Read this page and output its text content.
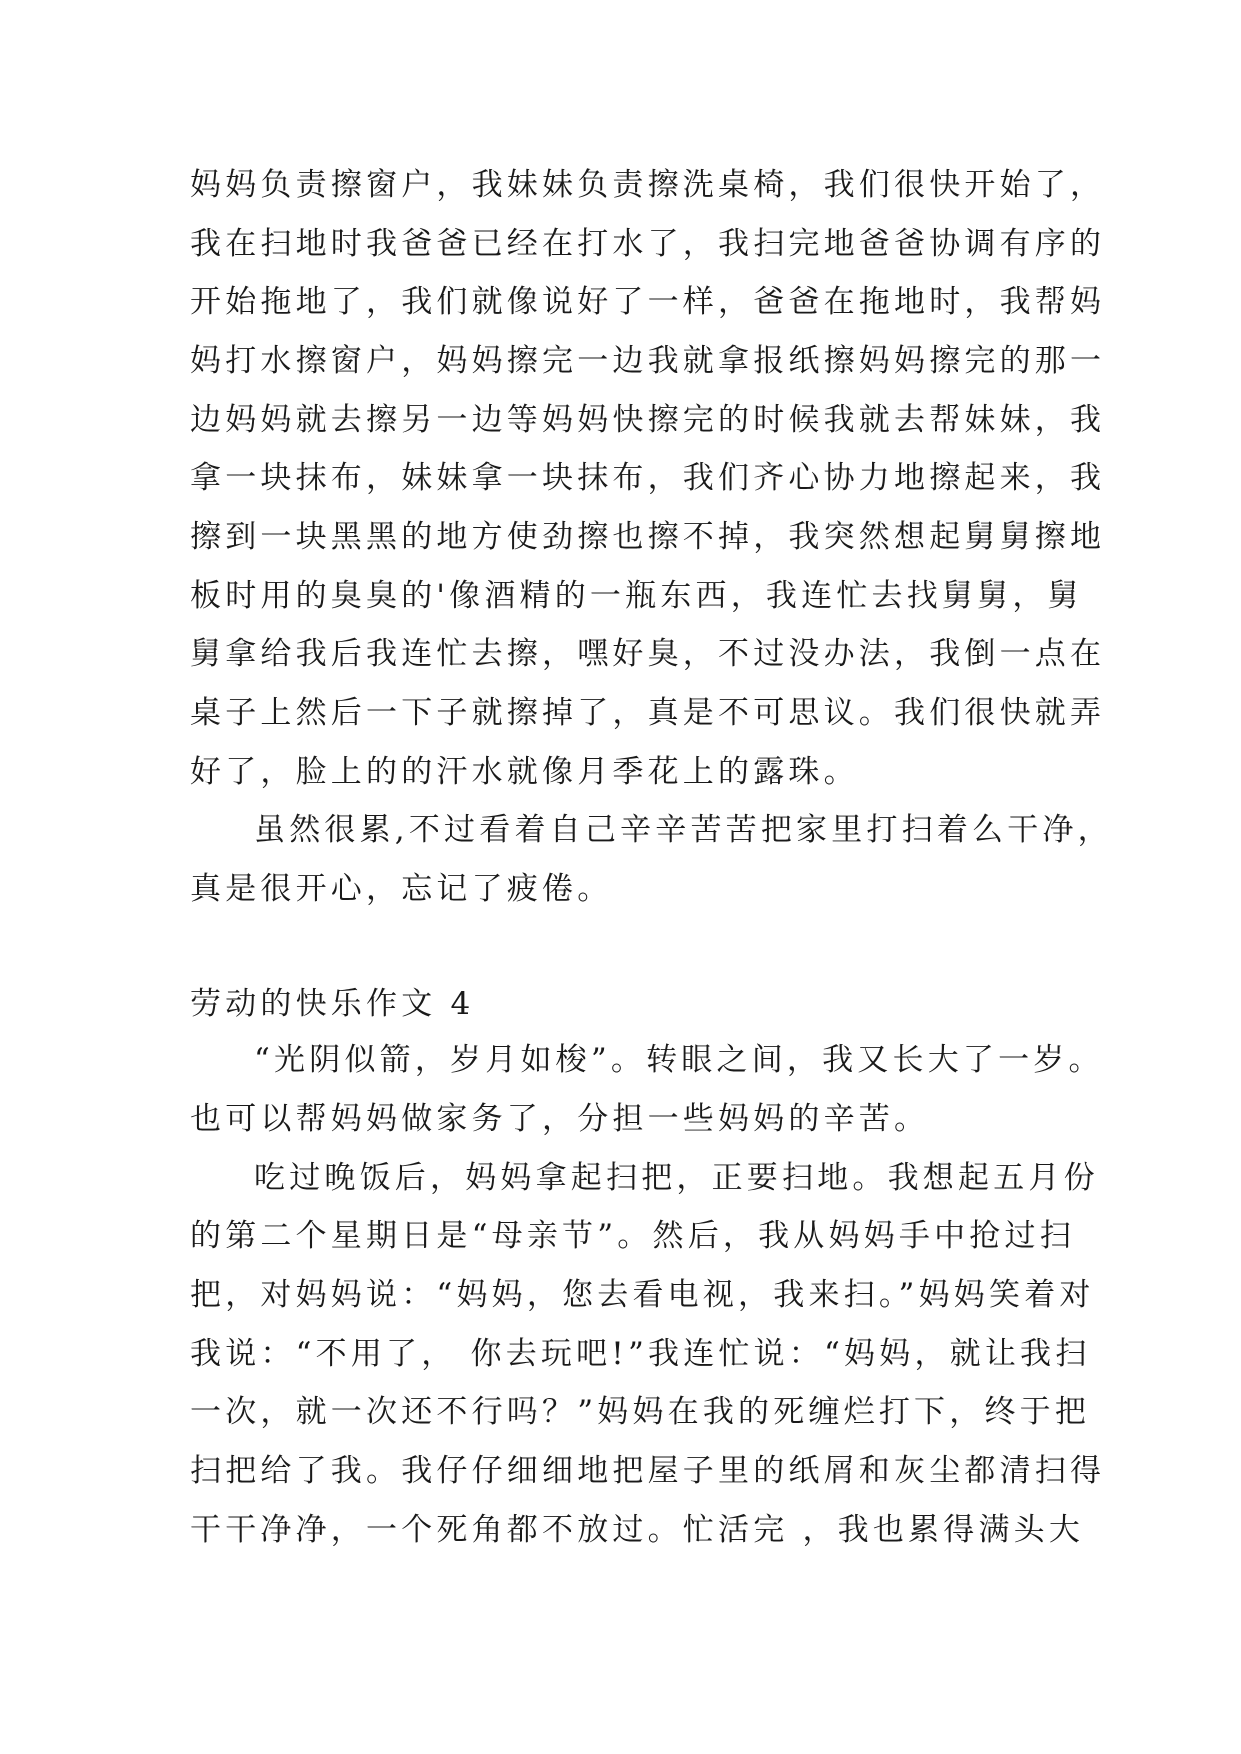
妈妈负责擦窗户，我妹妹负责擦洗桌椅，我们很快开始了，
我在扫地时我爸爸已经在打水了，我扫完地爸爸协调有序的
开始拖地了，我们就像说好了一样，爸爸在拖地时，我帮妈
妈打水擦窗户，妈妈擦完一边我就拿报纸擦妈妈擦完的那一
边妈妈就去擦另一边等妈妈快擦完的时候我就去帮妹妹，我
拿一块抹布，妹妹拿一块抹布，我们齐心协力地擦起来，我
擦到一块黑黑的地方使劲擦也擦不掉，我突然想起舅舅擦地
板时用的臭臭的'像酒精的一瓶东西，我连忙去找舅舅，舅
舅拿给我后我连忙去擦，嘿好臭，不过没办法，我倒一点在
桌子上然后一下子就擦掉了，真是不可思议。我们很快就弄
好了，脸上的的汗水就像月季花上的露珠。
虽然很累,不过看着自己辛辛苦苦把家里打扫着么干净，
真是很开心，忘记了疲倦。
劳动的快乐作文 4
“光阴似箭，岁月如梭”。转眼之间，我又长大了一岁。
也可以帮妈妈做家务了，分担一些妈妈的辛苦。
吃过晚饭后，妈妈拿起扫把，正要扫地。我想起五月份
的第二个星期日是“母亲节”。然后，我从妈妈手中抢过扫
把，对妈妈说：“妈妈，您去看电视，我来扫。”妈妈笑着对
我说：“不用了， 你去玩吧!”我连忙说：“妈妈，就让我扫
一次，就一次还不行吗？”妈妈在我的死缠烂打下，终于把
扫把给了我。我仔仔细细地把屋子里的纸屑和灰尘都清扫得
干干净净，一个死角都不放过。忙活完 ，我也累得满头大
